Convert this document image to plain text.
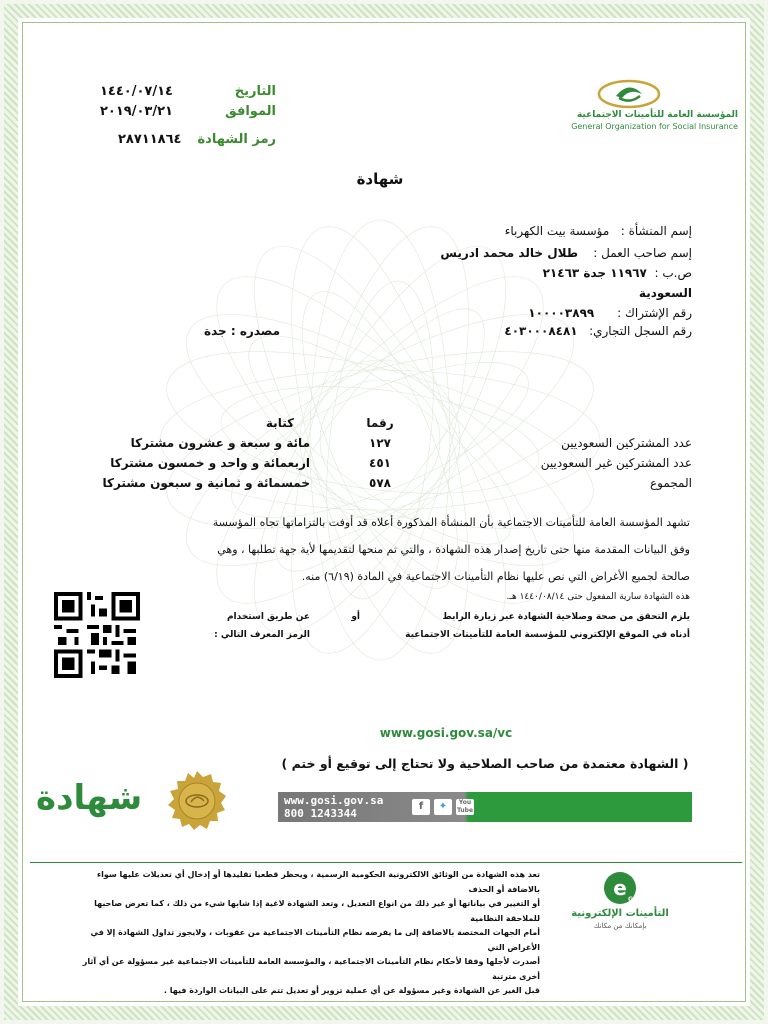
التاريخ
١٤٤٠/٠٧/١٤
الموافق
٢٠١٩/٠٣/٢١
رمز الشهادة
٢٨٧١١٨٦٤
المؤسسة العامة للتأمينات الاجتماعية
General Organization for Social Insurance
شهادة
إسم المنشأة :   مؤسسة بيت الكهرباء
إسم صاحب العمل :    طلال خالد محمد ادريس
ص.ب :  ١١٩٦٧ جدة ٢١٤٦٣
السعودية
رقم الإشتراك :      ١٠٠٠٠٣٨٩٩
رقم السجل التجاري:   ٤٠٣٠٠٠٨٤٨١
مصدره : جدة
رقما
كتابة
عدد المشتركين السعوديين
١٢٧
مائة و سبعة و عشرون مشتركا
عدد المشتركين غير السعوديين
٤٥١
اربعمائة و واحد و خمسون مشتركا
المجموع
٥٧٨
خمسمائة و ثمانية و سبعون مشتركا
تشهد المؤسسة العامة للتأمينات الاجتماعية بأن المنشأة المذكورة أعلاه قد أوفت بالتزاماتها تجاه المؤسسة
وفق البيانات المقدمة منها حتى تاريخ إصدار هذه الشهادة ، والتي تم منحها لتقديمها لأية جهة تطلبها ، وهي
صالحة لجميع الأغراض التي نص عليها نظام التأمينات الاجتماعية في المادة (٦/١٩) منه.
هذه الشهادة سارية المفعول حتى ١٤٤٠/٠٨/١٤ هـ.
يلزم التحقق من صحة وصلاحية الشهادة عبر زيارة الرابط
أو
عن طريق استخدام
أدناه في الموقع الإلكتروني للمؤسسة العامة للتأمينات الاجتماعية
الرمز المعرف التالي :
www.gosi.gov.sa/vc
( الشهادة معتمدة من صاحب الصلاحية ولا تحتاج إلى توقيع أو ختم )
www.gosi.gov.sa
800 1243344
f	✦	You Tube
شهادة
تعد هذه الشهادة من الوثائق الالكترونية الحكومية الرسمية ، ويحظر قطعيا تقليدها أو إدخال أي تعديلات عليها سواء بالاضافة أو الحذف
أو التغيير في بياناتها أو غير ذلك من انواع التعديل ، وتعد الشهادة لاغية إذا شابها شيء من ذلك ، كما تعرض صاحبها للملاحقة النظامية
أمام الجهات المختصة بالاضافة إلى ما يفرضه نظام التأمينات الاجتماعية من عقوبات ، ولايجوز تداول الشهادة إلا في الأغراض التي
أصدرت لأجلها وفقا لأحكام نظام التأمينات الاجتماعية ، والمؤسسة العامة للتأمينات الاجتماعية غير مسؤولة عن أي آثار أخرى مترتبة
قبل الغير عن الشهادة وغير مسؤولة عن أي عملية تزوير أو تعديل تتم على البيانات الواردة فيها .
e GOSI
التأمينات الإلكترونية
بإمكانك من مكانك
